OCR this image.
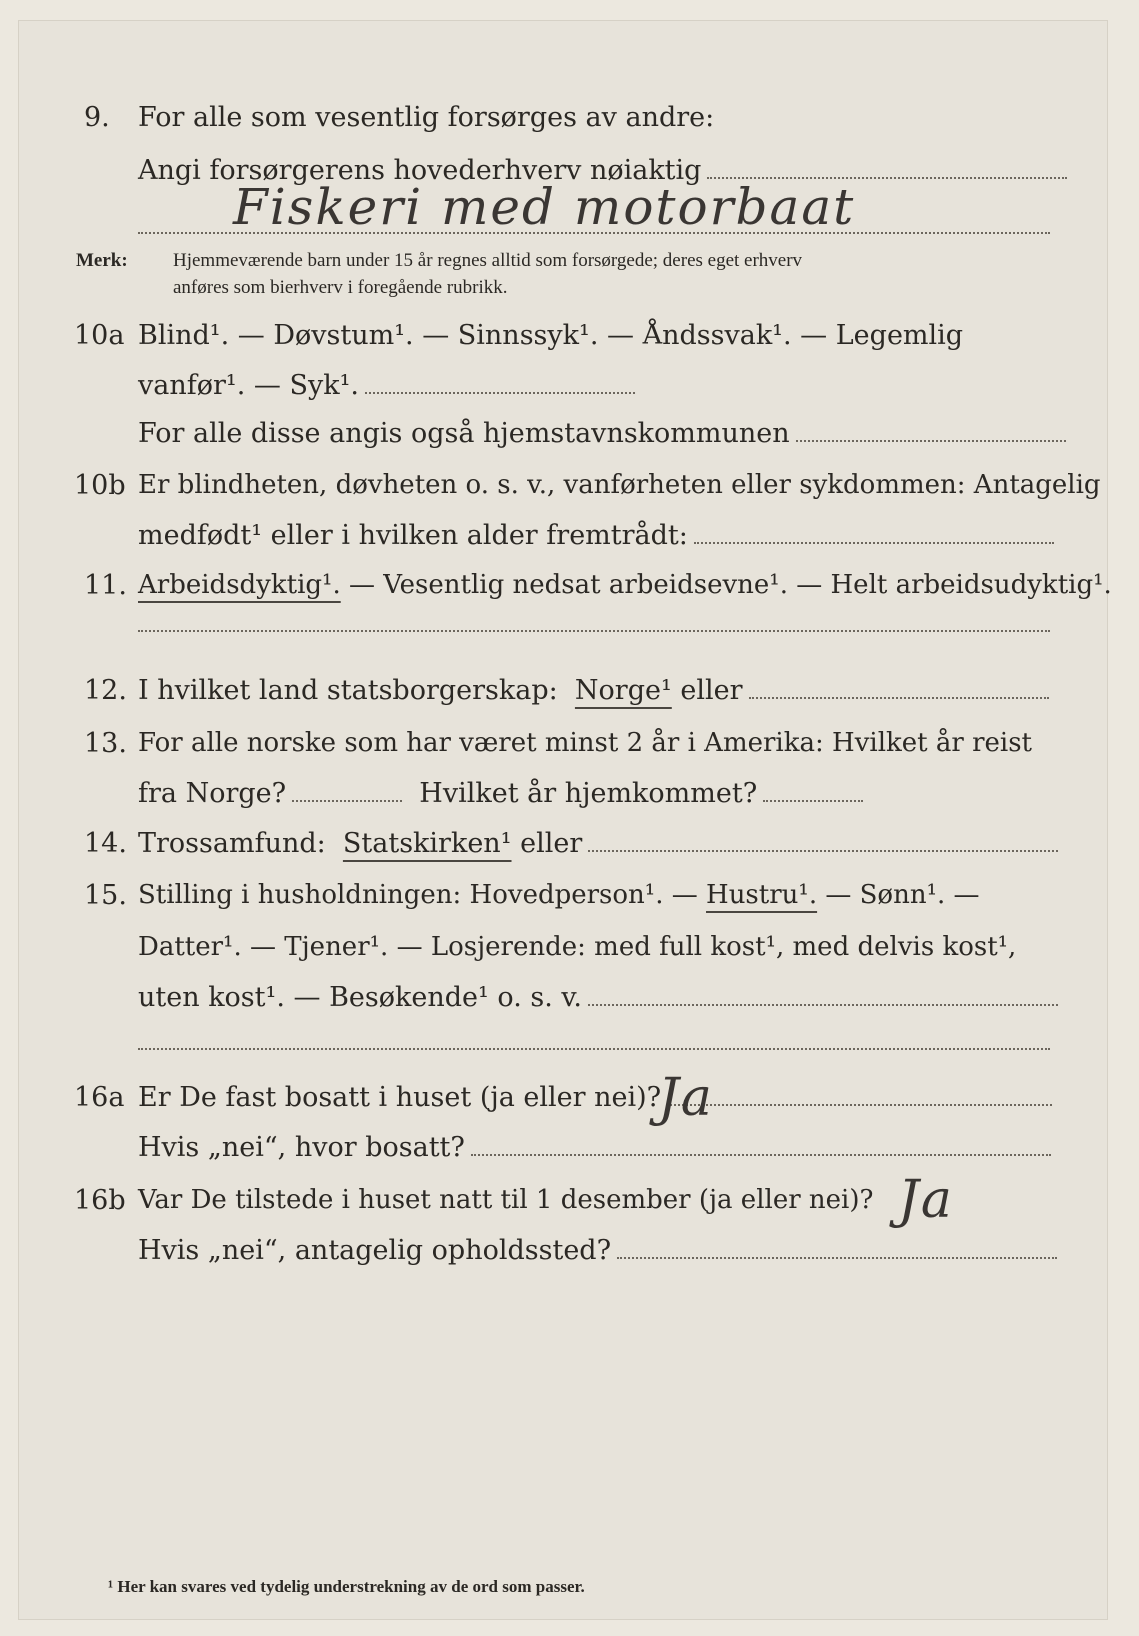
9.	For alle som vesentlig forsørges av andre:
Angi forsørgerens hovederhverv nøiaktig
Fiskeri med motorbaat
Merk: Hjemmeværende barn under 15 år regnes alltid som forsørgede; deres eget erhverv
anføres som bierhverv i foregående rubrikk.
10a Blind¹. — Døvstum¹. — Sinnssyk¹. — Åndssvak¹. — Legemlig
vanfør¹. — Syk¹.
For alle disse angis også hjemstavnskommunen
10b Er blindheten, døvheten o. s. v., vanførheten eller sykdommen: Antagelig
medfødt¹ eller i hvilken alder fremtrådt:
11. Arbeidsdyktig¹.
— Vesentlig nedsat arbeidsevne¹. — Helt arbeidsudyktig¹.
12. I hvilket land statsborgerskap:
Norge¹
eller
13. For alle norske som har været minst 2 år i Amerika: Hvilket år reist
fra Norge?
	Hvilket år hjemkommet?
14. Trossamfund:
Statskirken¹
eller
15. Stilling i husholdningen: Hovedperson¹. —
Hustru¹.
— Sønn¹. —
Datter¹. — Tjener¹. — Losjerende: med full kost¹, med delvis kost¹,
uten kost¹. — Besøkende¹ o. s. v.
16a Er De fast bosatt i huset (ja eller nei)?
Ja
Hvis „nei“, hvor bosatt?
16b Var De tilstede i huset natt til 1 desember (ja eller nei)? Ja
Hvis „nei“, antagelig opholdssted?
¹ Her kan svares ved tydelig understrekning av de ord som passer.
